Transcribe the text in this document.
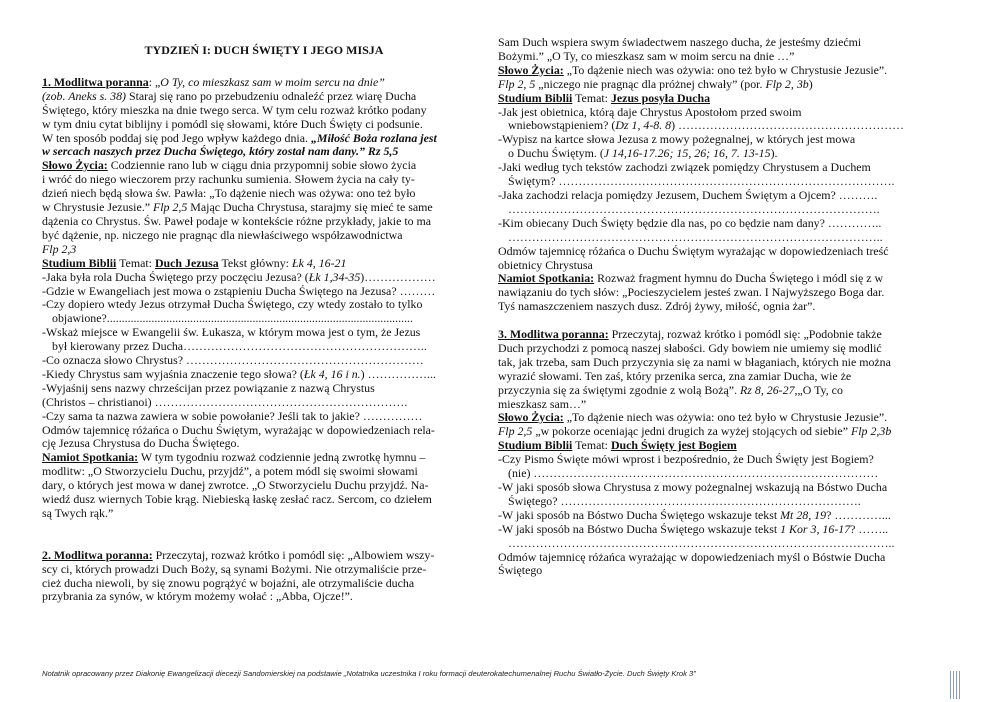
TYDZIEŃ I: DUCH ŚWIĘTY I JEGO MISJA
1. Modlitwa poranna: „O Ty, co mieszkasz sam w moim sercu na dnie”
(zob. Aneks s. 38) Staraj się rano po przebudzeniu odnaleźć przez wiarę Ducha
Świętego, który mieszka na dnie twego serca. W tym celu rozważ krótko podany
w tym dniu cytat biblijny i pomódl się słowami, które Duch Święty ci podsunie.
W ten sposób poddaj się pod Jego wpływ każdego dnia. „Miłość Boża rozlana jest
w sercach naszych przez Ducha Świętego, który został nam dany.” Rz 5,5
Słowo Życia: Codziennie rano lub w ciągu dnia przypomnij sobie słowo życia
i wróć do niego wieczorem przy rachunku sumienia. Słowem życia na cały ty-
dzień niech będą słowa św. Pawła: „To dążenie niech was ożywa: ono też było
w Chrystusie Jezusie.” Flp 2,5 Mając Ducha Chrystusa, starajmy się mieć te same
dążenia co Chrystus. Św. Paweł podaje w kontekście różne przykłady, jakie to ma
być dążenie, np. niczego nie pragnąc dla niewłaściwego współzawodnictwa
Flp 2,3
Studium Biblii Temat: Duch Jezusa Tekst główny: Łk 4, 16-21
-Jaka była rola Ducha Świętego przy poczęciu Jezusa? (Łk 1,34-35)………………
-Gdzie w Ewangeliach jest mowa o zstąpieniu Ducha Świętego na Jezusa? ………
-Czy dopiero wtedy Jezus otrzymał Ducha Świętego, czy wtedy zostało to tylko
objawione?.......................................................................................................
-Wskaż miejsce w Ewangelii św. Łukasza, w którym mowa jest o tym, że Jezus
był kierowany przez Ducha……………………………………………………..
-Co oznacza słowo Chrystus? ……………………………………………………
-Kiedy Chrystus sam wyjaśnia znaczenie tego słowa? (Łk 4, 16 i n.) ……………...
-Wyjaśnij sens nazwy chrześcijan przez powiązanie z nazwą Chrystus
(Christos – christianoi) ……………………………………………………….
-Czy sama ta nazwa zawiera w sobie powołanie? Jeśli tak to jakie? ……………
Odmów tajemnicę różańca o Duchu Świętym, wyrażając w dopowiedzeniach rela-
cję Jezusa Chrystusa do Ducha Świętego.
Namiot Spotkania: W tym tygodniu rozważ codziennie jedną zwrotkę hymnu –
modlitw: „O Stworzycielu Duchu, przyjdź”, a potem módl się swoimi słowami
dary, o których jest mowa w danej zwrotce. „O Stworzycielu Duchu przyjdź. Na-
wiedź dusz wiernych Tobie krąg. Niebieską łaskę zesłać racz. Sercom, co dziełem
są Twych rąk.”
2. Modlitwa poranna: Przeczytaj, rozważ krótko i pomódl się: „Albowiem wszy-
scy ci, których prowadzi Duch Boży, są synami Bożymi. Nie otrzymaliście prze-
cież ducha niewoli, by się znowu pogrążyć w bojaźni, ale otrzymaliście ducha
przybrania za synów, w którym możemy wołać : „Abba, Ojcze!”.
Sam Duch wspiera swym świadectwem naszego ducha, że jesteśmy dziećmi
Bożymi.” „O Ty, co mieszkasz sam w moim sercu na dnie …”
Słowo Życia: „To dążenie niech was ożywia: ono też było w Chrystusie Jezusie”.
Flp 2, 5 „niczego nie pragnąc dla próżnej chwały” (por. Flp 2, 3b)
Studium Biblii Temat: Jezus posyła Ducha
-Jak jest obietnica, którą daje Chrystus Apostołom przed swoim
wniebowstąpieniem? (Dz 1, 4-8. 8) …………………………………………………
-Wypisz na kartce słowa Jezusa z mowy pożegnalnej, w których jest mowa
o Duchu Świętym. (J 14,16-17.26; 15, 26; 16, 7. 13-15).
-Jaki według tych tekstów zachodzi związek pomiędzy Chrystusem a Duchem
Świętym? ………………………………………………………………………….
-Jaka zachodzi relacja pomiędzy Jezusem, Duchem Świętym a Ojcem? ……….
………………………………………………………………………………….
-Kim obiecany Duch Święty będzie dla nas, po co będzie nam dany? …………..
…………………………………………………………………………………..
Odmów tajemnicę różańca o Duchu Świętym wyrażając w dopowiedzeniach treść
obietnicy Chrystusa
Namiot Spotkania: Rozważ fragment hymnu do Ducha Świętego i módl się z w
nawiązaniu do tych słów: „Pocieszycielem jesteś zwan. I Najwyższego Boga dar.
Tyś namaszczeniem naszych dusz. Zdrój żywy, miłość, ognia żar”.
3. Modlitwa poranna: Przeczytaj, rozważ krótko i pomódl się: „Podobnie także
Duch przychodzi z pomocą naszej słabości. Gdy bowiem nie umiemy się modlić
tak, jak trzeba, sam Duch przyczynia się za nami w błaganiach, których nie można
wyrazić słowami. Ten zaś, który przenika serca, zna zamiar Ducha, wie że
przyczynia się za świętymi zgodnie z wolą Bożą”. Rz 8, 26-27,„O Ty, co
mieszkasz sam…”
Słowo Życia: „To dążenie niech was ożywia: ono też było w Chrystusie Jezusie”.
Flp 2,5 „w pokorze oceniając jedni drugich za wyżej stojących od siebie” Flp 2,3b
Studium Biblii Temat: Duch Święty jest Bogiem
-Czy Pismo Święte mówi wprost i bezpośrednio, że Duch Święty jest Bogiem?
(nie) ……………………………………………………………………………
-W jaki sposób słowa Chrystusa z mowy pożegnalnej wskazują na Bóstwo Ducha
Świętego? ………………………………………………………………….
-W jaki sposób na Bóstwo Ducha Świętego wskazuje tekst Mt 28, 19? …………...
-W jaki sposób na Bóstwo Ducha Świętego wskazuje tekst 1 Kor 3, 16-17? ……..
……………………………………………………………………………………..
Odmów tajemnicę różańca wyrażając w dopowiedzeniach myśl o Bóstwie Ducha
Świętego
Notatnik opracowany przez Diakonię Ewangelizacji diecezji Sandomierskiej na podstawie „Notatnika uczestnika I roku formacji deuterokatechumenalnej Ruchu Światło-Życie. Duch Święty Krok 3”
